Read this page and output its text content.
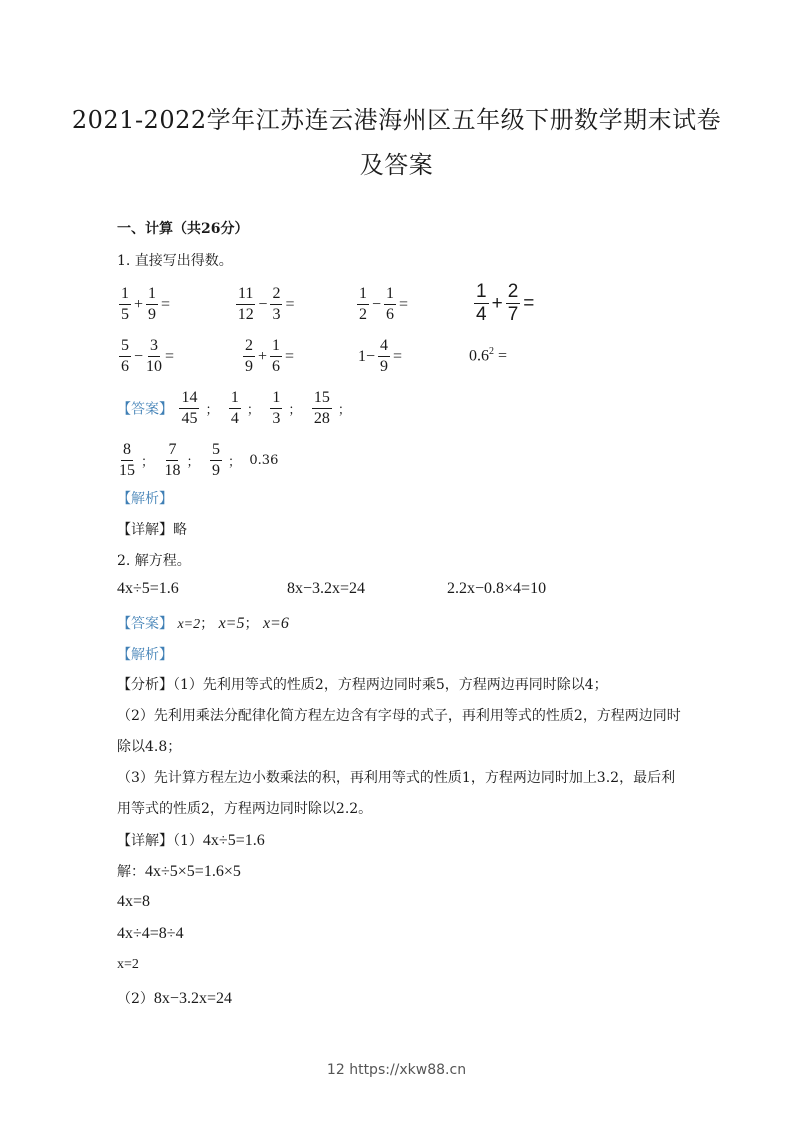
2021-2022学年江苏连云港海州区五年级下册数学期末试卷
及答案
一、计算（共26分）
1. 直接写出得数。
$\frac{1}{5} + \frac{1}{9}$ =	$\frac{11}{12} - \frac{2}{3}$ =	$\frac{1}{2} - \frac{1}{6}$ =	$\frac{1}{4} + \frac{2}{7}$ =
$\frac{5}{6} - \frac{3}{10}$ =	$\frac{2}{9} + \frac{1}{6}$ =	$1- \frac{4}{9}$ =	$0.6^2$ =
【答案】 $\frac{14}{45}$ ； $\frac{1}{4}$ ； $\frac{1}{3}$ ； $\frac{15}{28}$ ；
$\frac{8}{15}$ ； $\frac{7}{18}$ ； $\frac{5}{9}$ ； 0.36
【解析】
【详解】略
2. 解方程。
4x÷5=1.6	8x−3.2x=24	2.2x−0.8×4=10
【答案】 x=2； x=5； x=6
【解析】
【分析】（1）先利用等式的性质2，方程两边同时乘5，方程两边再同时除以4；
（2）先利用乘法分配律化简方程左边含有字母的式子，再利用等式的性质2，方程两边同时除以4.8；
（3）先计算方程左边小数乘法的积，再利用等式的性质1，方程两边同时加上3.2，最后利用等式的性质2，方程两边同时除以2.2。
【详解】（1）4x÷5=1.6
解：4x÷5×5=1.6×5
4x=8
4x÷4=8÷4
x=2
（2）8x−3.2x=24
12 https://xkw88.cn
